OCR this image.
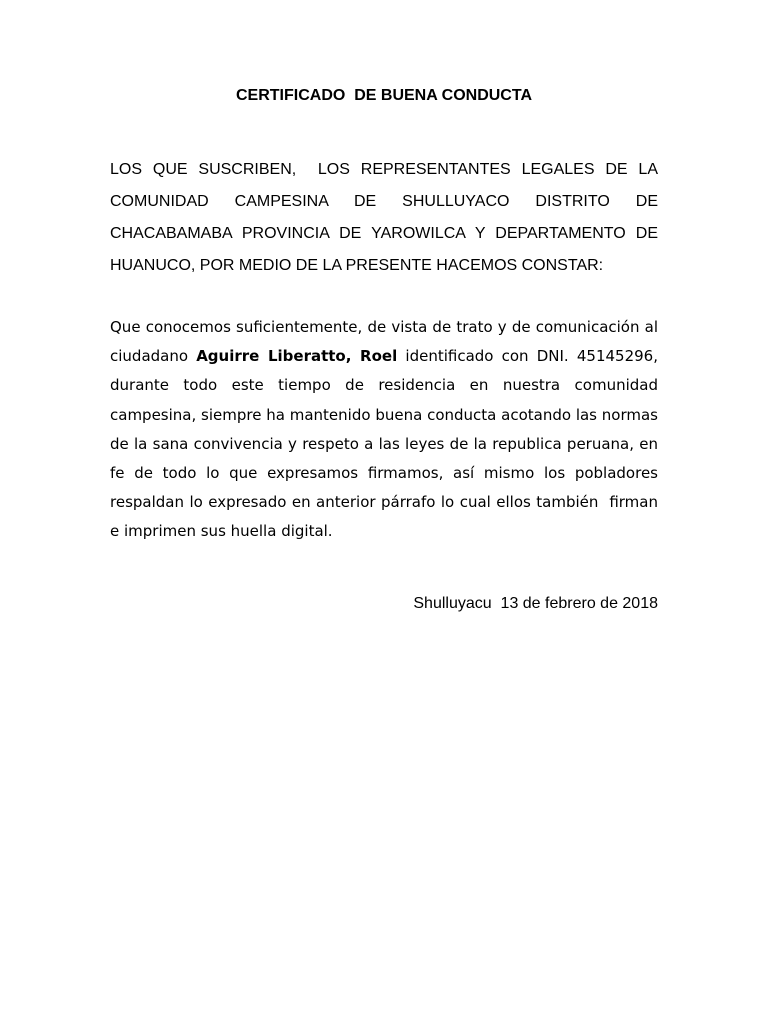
CERTIFICADO  DE BUENA CONDUCTA

LOS QUE SUSCRIBEN,  LOS REPRESENTANTES LEGALES DE LA COMUNIDAD CAMPESINA DE SHULLUYACO DISTRITO DE CHACABAMABA PROVINCIA DE YAROWILCA Y DEPARTAMENTO DE HUANUCO, POR MEDIO DE LA PRESENTE HACEMOS CONSTAR:

Que conocemos suficientemente, de vista de trato y de comunicación al ciudadano Aguirre Liberatto, Roel identificado con DNI. 45145296, durante todo este tiempo de residencia en nuestra comunidad campesina, siempre ha mantenido buena conducta acotando las normas de la sana convivencia y respeto a las leyes de la republica peruana, en fe de todo lo que expresamos firmamos, así mismo los pobladores respaldan lo expresado en anterior párrafo lo cual ellos también  firman e imprimen sus huella digital.

Shulluyacu  13 de febrero de 2018
